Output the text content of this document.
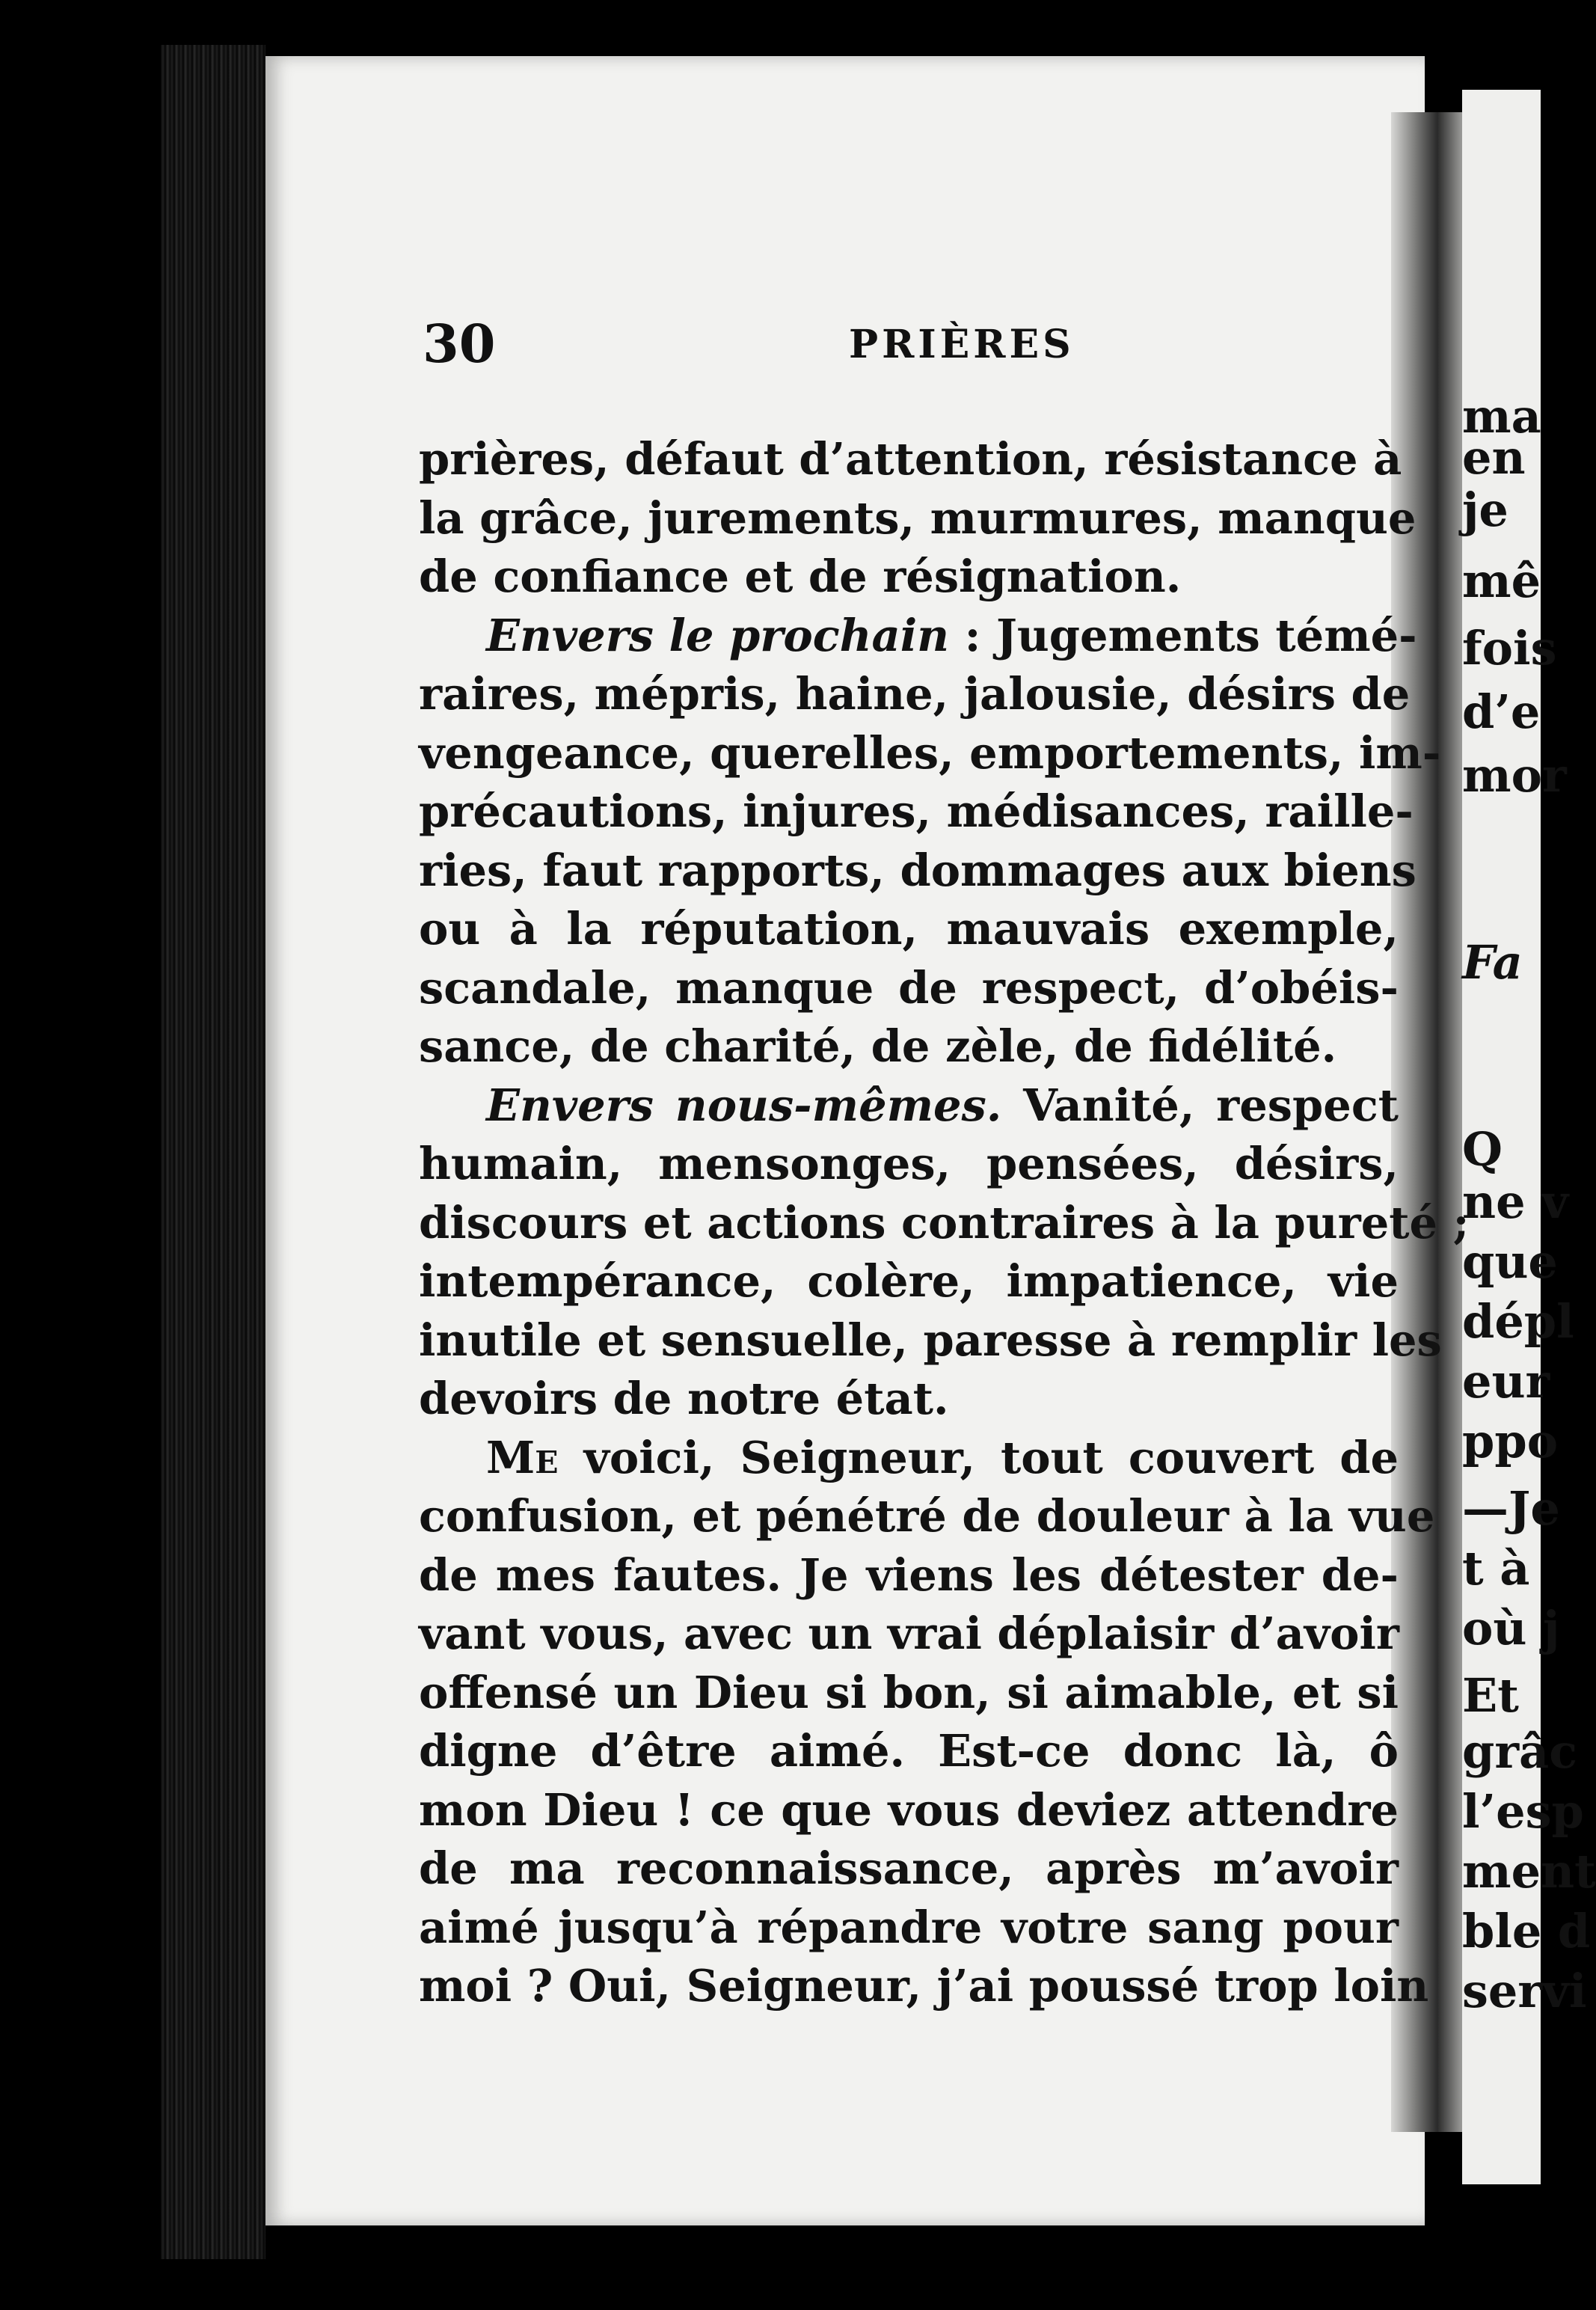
ma
en
je
mê
fois
d’e
mor
Fa
Q
ne v
que
dépl
eur
ppo
—Je
t à
où j
Et
grâc
l’esp
ment
ble d
servi
30	PRIÈRES
prières, défaut d’attention, résistance à
la grâce, jurements, murmures, manque
de confiance et de résignation.
Envers le prochain : Jugements témé-
raires, mépris, haine, jalousie, désirs de
vengeance, querelles, emportements, im-
précautions, injures, médisances, raille-
ries, faut rapports, dommages aux biens
ou à la réputation, mauvais exemple,
scandale, manque de respect, d’obéis-
sance, de charité, de zèle, de fidélité.
Envers nous-mêmes. Vanité, respect
humain, mensonges, pensées, désirs,
discours et actions contraires à la pureté ;
intempérance, colère, impatience, vie
inutile et sensuelle, paresse à remplir les
devoirs de notre état.
Me voici, Seigneur, tout couvert de
confusion, et pénétré de douleur à la vue
de mes fautes. Je viens les détester de-
vant vous, avec un vrai déplaisir d’avoir
offensé un Dieu si bon, si aimable, et si
digne d’être aimé. Est-ce donc là, ô
mon Dieu ! ce que vous deviez attendre
de ma reconnaissance, après m’avoir
aimé jusqu’à répandre votre sang pour
moi ? Oui, Seigneur, j’ai poussé trop loin
